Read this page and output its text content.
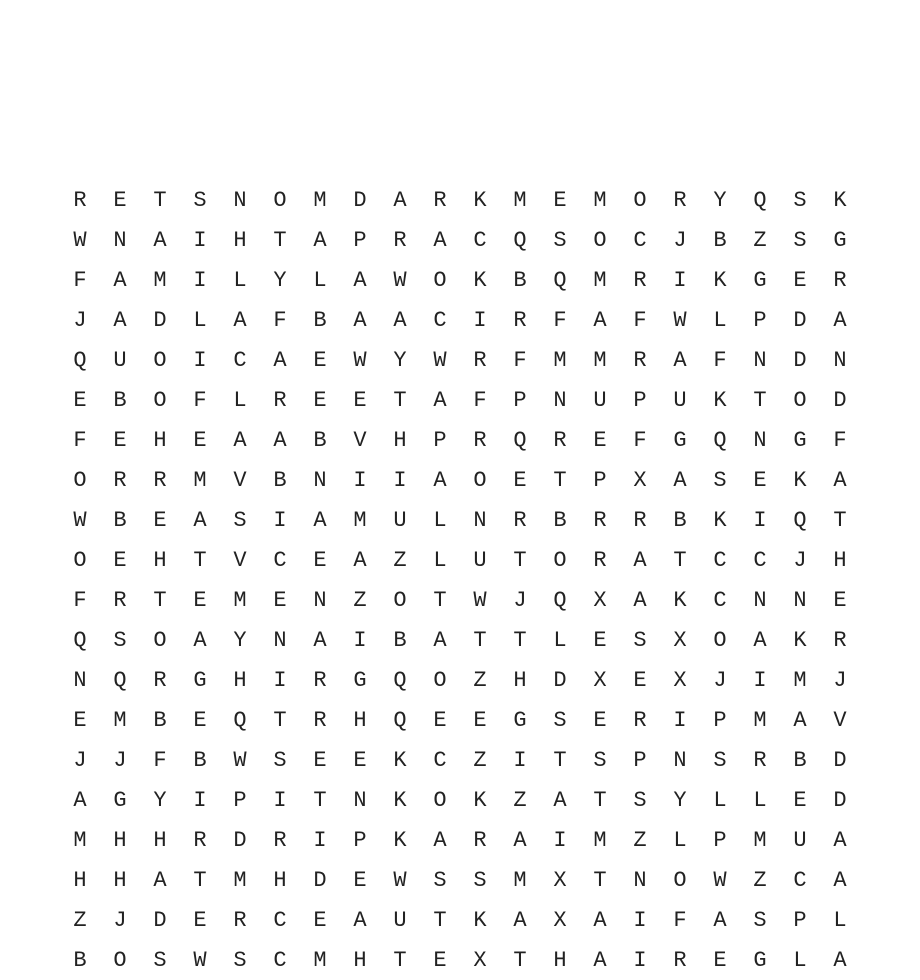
R	E	T	S	N	O	M	D	A	R	K	M	E	M	O	R	Y	Q	S	K
W	N	A	I	H	T	A	P	R	A	C	Q	S	O	C	J	B	Z	S	G
F	A	M	I	L	Y	L	A	W	O	K	B	Q	M	R	I	K	G	E	R
J	A	D	L	A	F	B	A	A	C	I	R	F	A	F	W	L	P	D	A
Q	U	O	I	C	A	E	W	Y	W	R	F	M	M	R	A	F	N	D	N
E	B	O	F	L	R	E	E	T	A	F	P	N	U	P	U	K	T	O	D
F	E	H	E	A	A	B	V	H	P	R	Q	R	E	F	G	Q	N	G	F
O	R	R	M	V	B	N	I	I	A	O	E	T	P	X	A	S	E	K	A
W	B	E	A	S	I	A	M	U	L	N	R	B	R	R	B	K	I	Q	T
O	E	H	T	V	C	E	A	Z	L	U	T	O	R	A	T	C	C	J	H
F	R	T	E	M	E	N	Z	O	T	W	J	Q	X	A	K	C	N	N	E
Q	S	O	A	Y	N	A	I	B	A	T	T	L	E	S	X	O	A	K	R
N	Q	R	G	H	I	R	G	Q	O	Z	H	D	X	E	X	J	I	M	J
E	M	B	E	Q	T	R	H	Q	E	E	G	S	E	R	I	P	M	A	V
J	J	F	B	W	S	E	E	K	C	Z	I	T	S	P	N	S	R	B	D
A	G	Y	I	P	I	T	N	K	O	K	Z	A	T	S	Y	L	L	E	D
M	H	H	R	D	R	I	P	K	A	R	A	I	M	Z	L	P	M	U	A
H	H	A	T	M	H	D	E	W	S	S	M	X	T	N	O	W	Z	C	A
Z	J	D	E	R	C	E	A	U	T	K	A	X	A	I	F	A	S	P	L
B	O	S	W	S	C	M	H	T	E	X	T	H	A	I	R	E	G	L	A
